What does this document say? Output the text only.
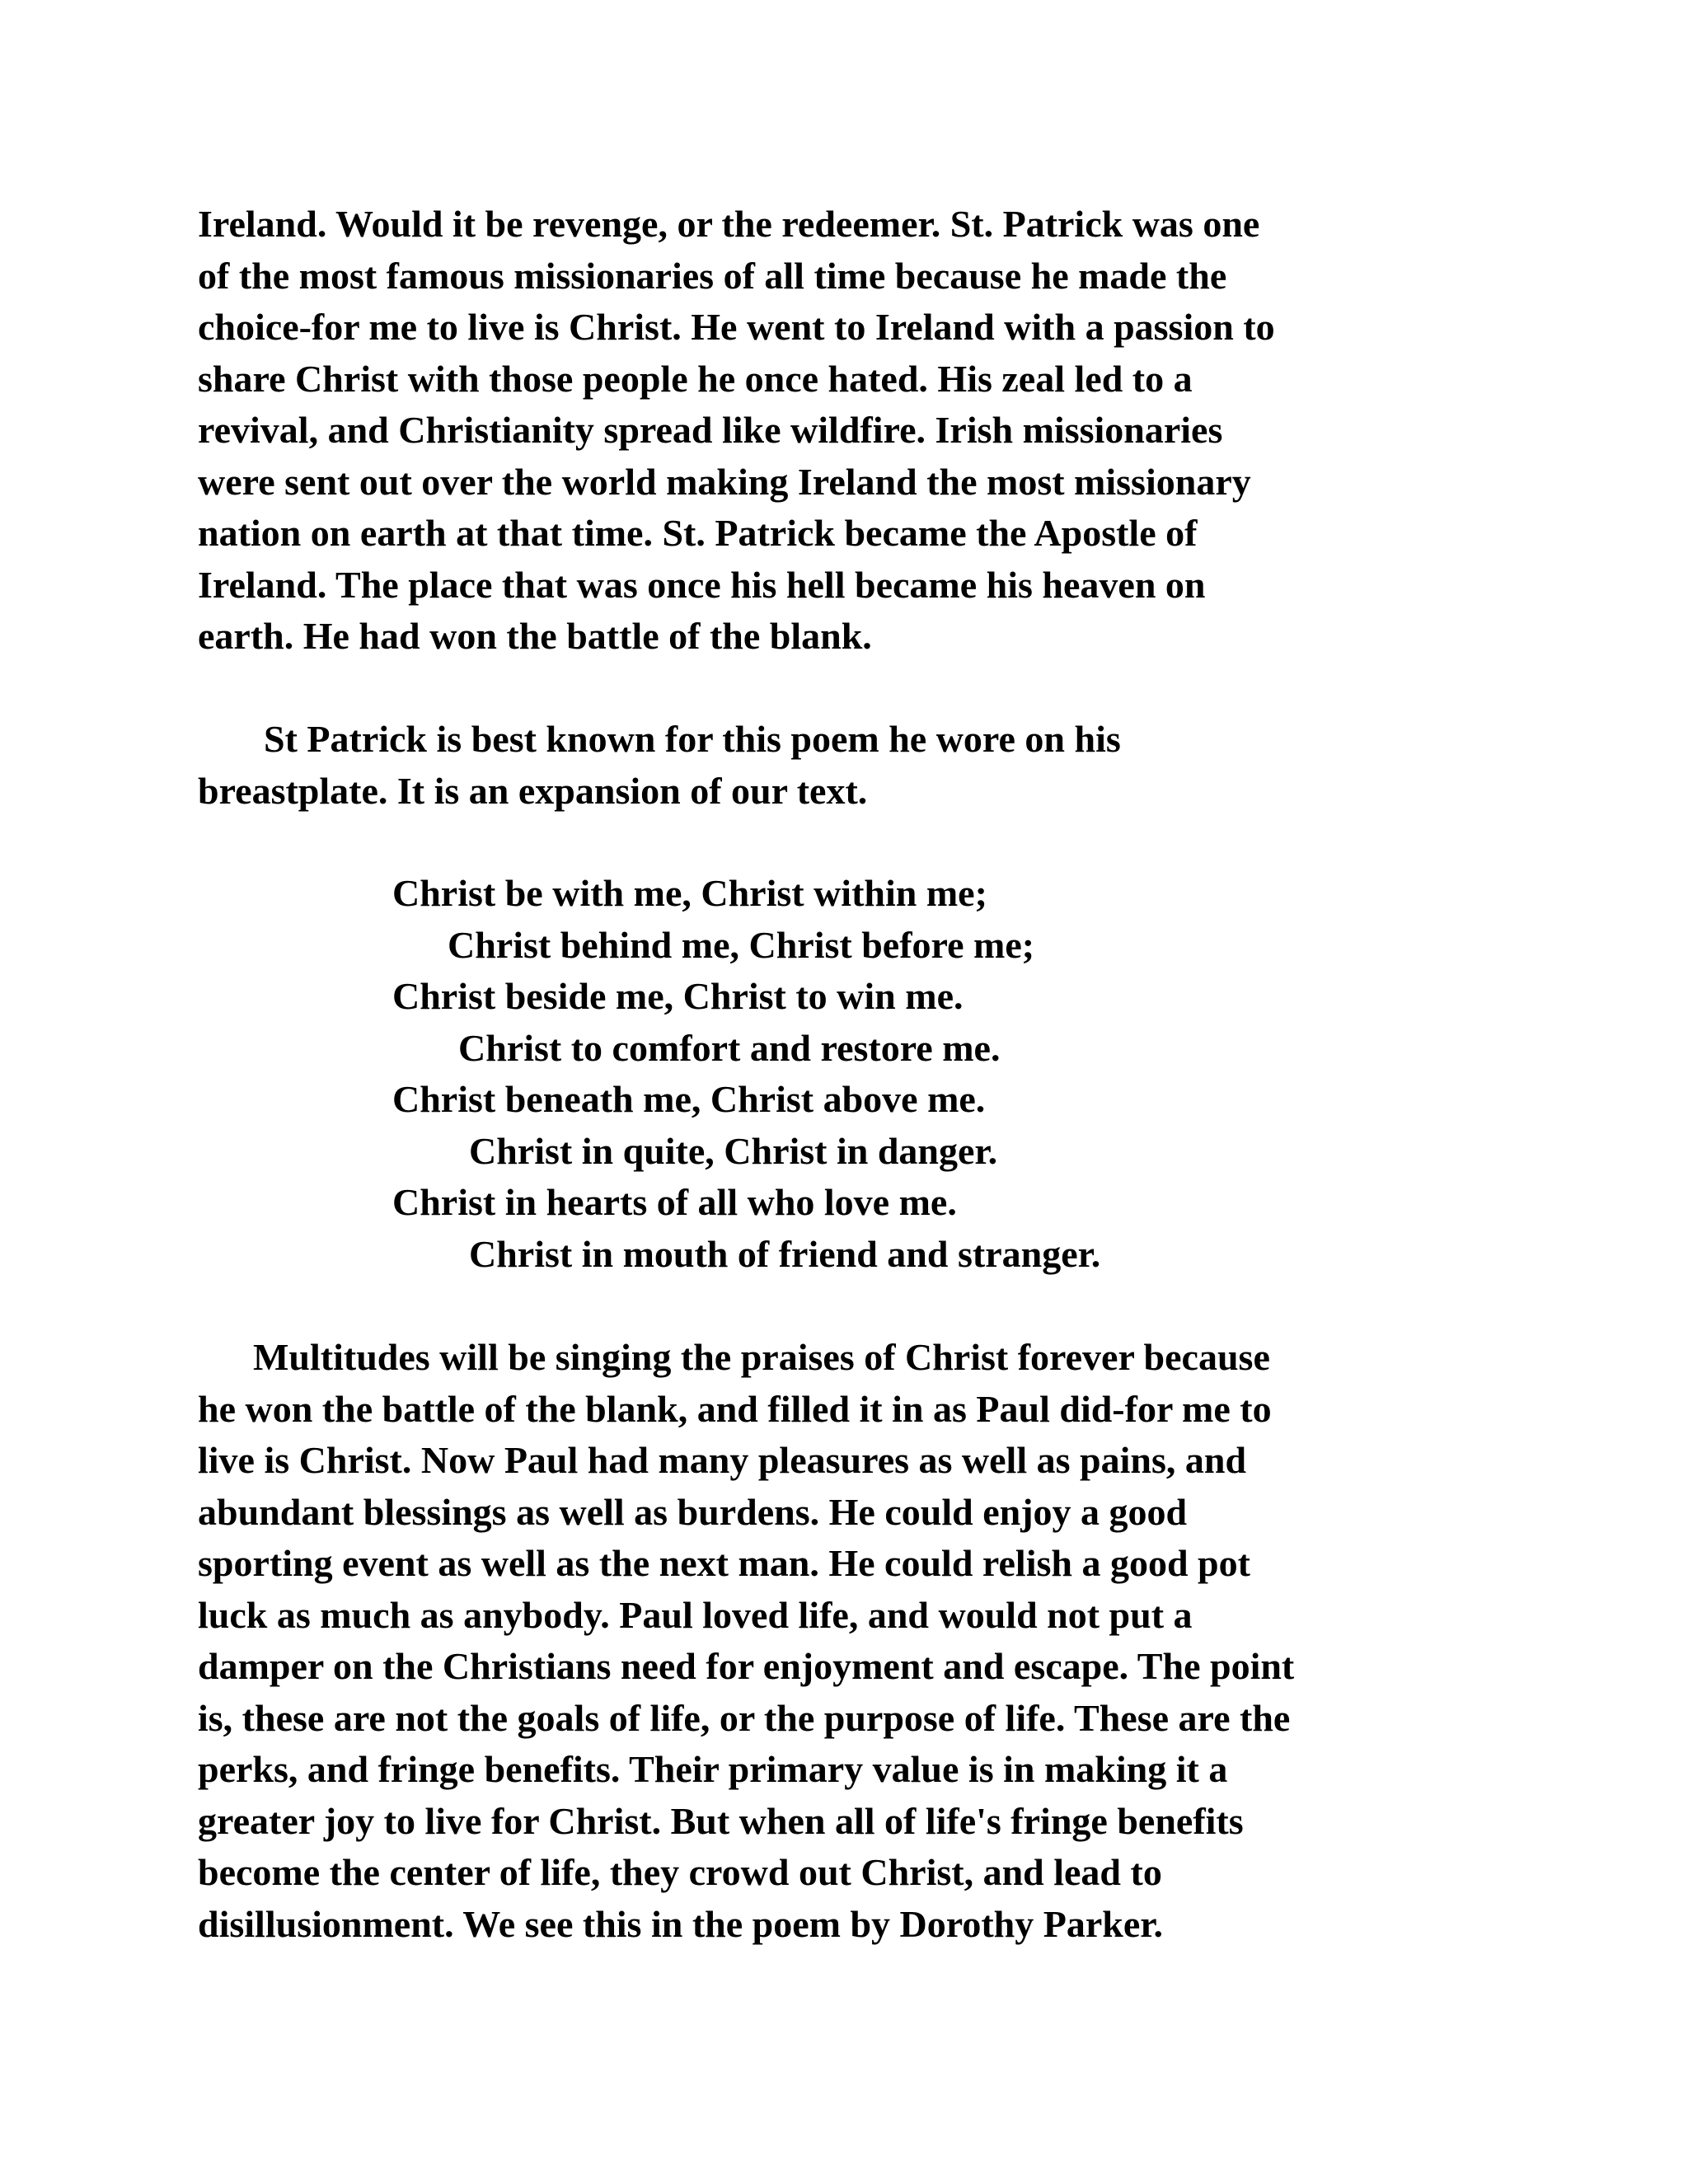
Ireland. Would it be revenge, or the redeemer. St. Patrick was one
of the most famous missionaries of all time because he made the
choice-for me to live is Christ. He went to Ireland with a passion to
share Christ with those people he once hated. His zeal led to a
revival, and Christianity spread like wildfire. Irish missionaries
were sent out over the world making Ireland the most missionary
nation on earth at that time. St. Patrick became the Apostle of
Ireland. The place that was once his hell became his heaven on
earth. He had won the battle of the blank.
St Patrick is best known for this poem he wore on his
breastplate. It is an expansion of our text.
Christ be with me, Christ within me;
Christ behind me, Christ before me;
Christ beside me, Christ to win me.
Christ to comfort and restore me.
Christ beneath me, Christ above me.
Christ in quite, Christ in danger.
Christ in hearts of all who love me.
Christ in mouth of friend and stranger.
Multitudes will be singing the praises of Christ forever because
he won the battle of the blank, and filled it in as Paul did-for me to
live is Christ. Now Paul had many pleasures as well as pains, and
abundant blessings as well as burdens. He could enjoy a good
sporting event as well as the next man. He could relish a good pot
luck as much as anybody. Paul loved life, and would not put a
damper on the Christians need for enjoyment and escape. The point
is, these are not the goals of life, or the purpose of life. These are the
perks, and fringe benefits. Their primary value is in making it a
greater joy to live for Christ. But when all of life's fringe benefits
become the center of life, they crowd out Christ, and lead to
disillusionment. We see this in the poem by Dorothy Parker.
